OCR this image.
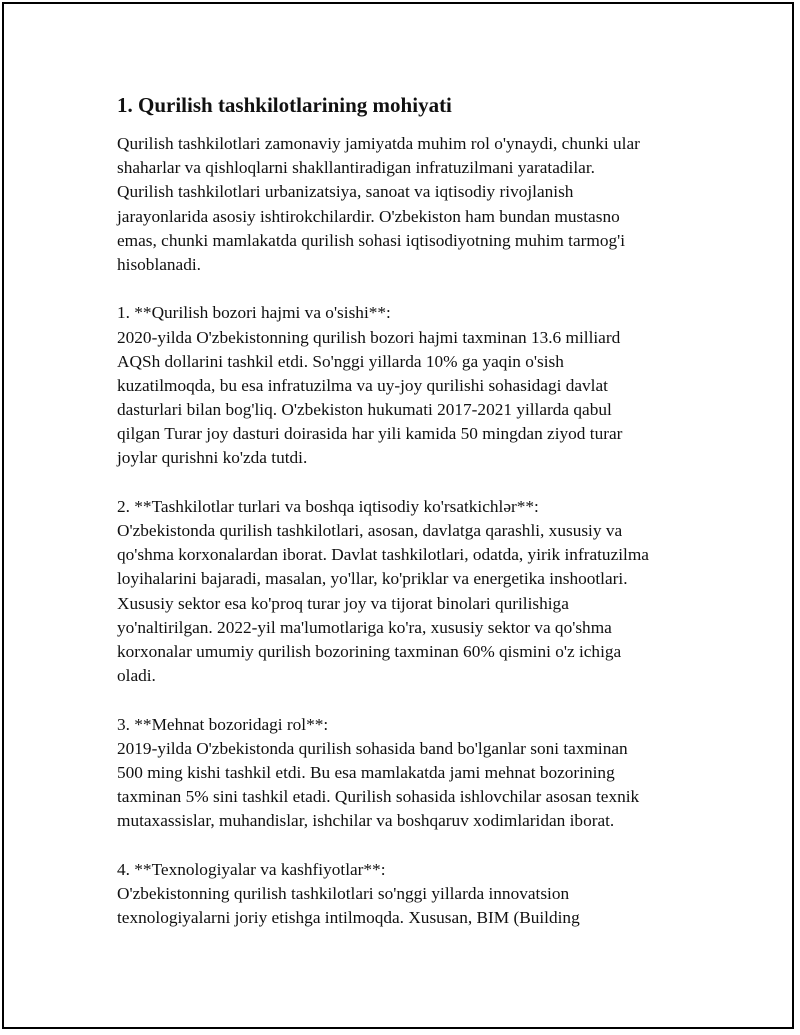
1. Qurilish tashkilotlarining mohiyati
Qurilish tashkilotlari zamonaviy jamiyatda muhim rol o'ynaydi, chunki ular
shaharlar va qishloqlarni shakllantiradigan infratuzilmani yaratadilar.
Qurilish tashkilotlari urbanizatsiya, sanoat va iqtisodiy rivojlanish
jarayonlarida asosiy ishtirokchilardir. O'zbekiston ham bundan mustasno
emas, chunki mamlakatda qurilish sohasi iqtisodiyotning muhim tarmog'i
hisoblanadi.
1. **Qurilish bozori hajmi va o'sishi**:
2020-yilda O'zbekistonning qurilish bozori hajmi taxminan 13.6 milliard
AQSh dollarini tashkil etdi. So'nggi yillarda 10% ga yaqin o'sish
kuzatilmoqda, bu esa infratuzilma va uy-joy qurilishi sohasidagi davlat
dasturlari bilan bog'liq. O'zbekiston hukumati 2017-2021 yillarda qabul
qilgan Turar joy dasturi doirasida har yili kamida 50 mingdan ziyod turar
joylar qurishni ko'zda tutdi.
2. **Tashkilotlar turlari va boshqa iqtisodiy ko'rsatkichlər**:
O'zbekistonda qurilish tashkilotlari, asosan, davlatga qarashli, xususiy va
qo'shma korxonalardan iborat. Davlat tashkilotlari, odatda, yirik infratuzilma
loyihalarini bajaradi, masalan, yo'llar, ko'priklar va energetika inshootlari.
Xususiy sektor esa ko'proq turar joy va tijorat binolari qurilishiga
yo'naltirilgan. 2022-yil ma'lumotlariga ko'ra, xususiy sektor va qo'shma
korxonalar umumiy qurilish bozorining taxminan 60% qismini o'z ichiga
oladi.
3. **Mehnat bozoridagi rol**:
2019-yilda O'zbekistonda qurilish sohasida band bo'lganlar soni taxminan
500 ming kishi tashkil etdi. Bu esa mamlakatda jami mehnat bozorining
taxminan 5% sini tashkil etadi. Qurilish sohasida ishlovchilar asosan texnik
mutaxassislar, muhandislar, ishchilar va boshqaruv xodimlaridan iborat.
4. **Texnologiyalar va kashfiyotlar**:
O'zbekistonning qurilish tashkilotlari so'nggi yillarda innovatsion
texnologiyalarni joriy etishga intilmoqda. Xususan, BIM (Building
